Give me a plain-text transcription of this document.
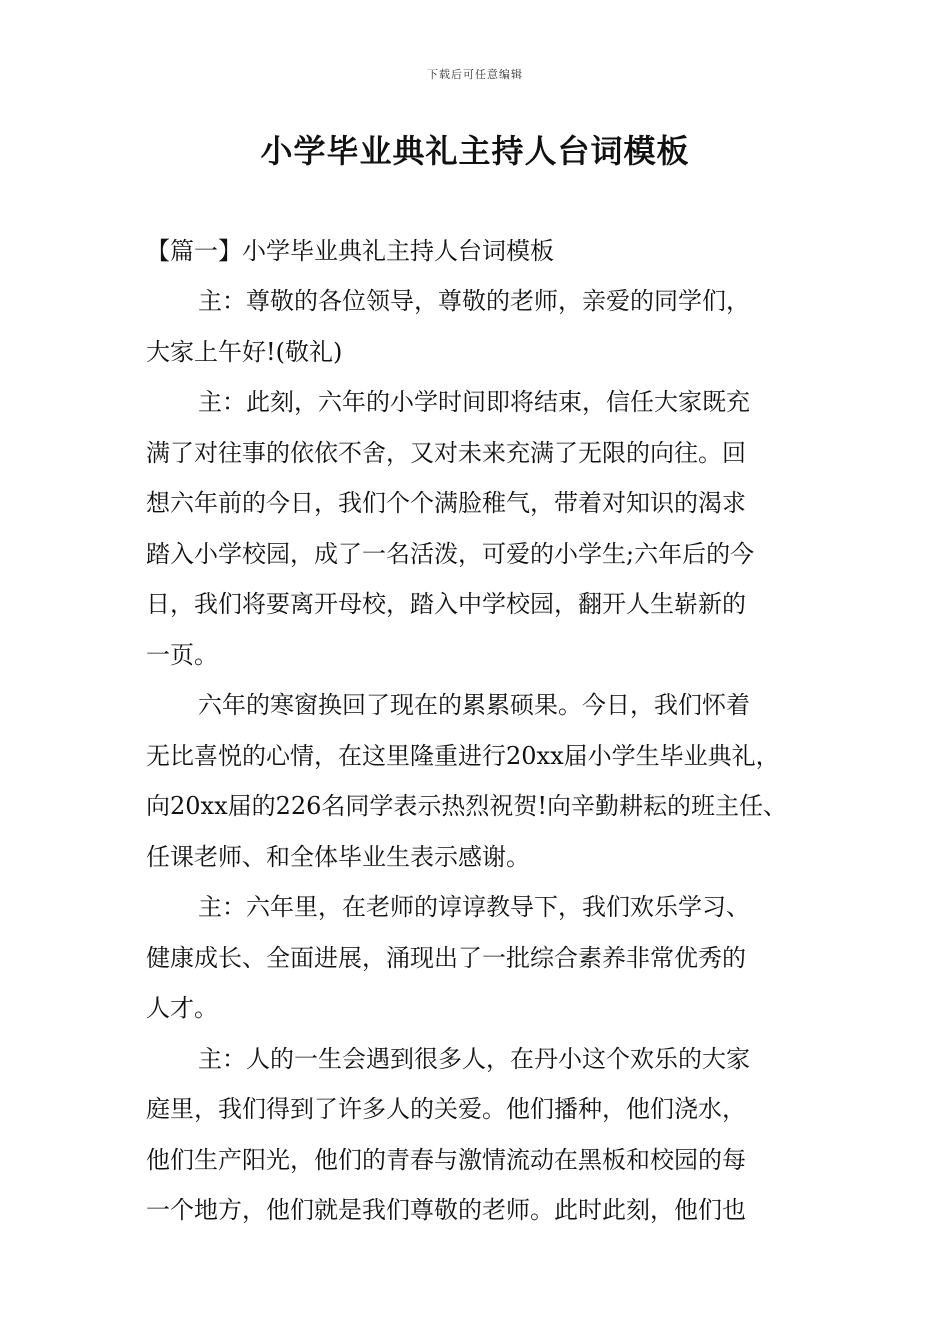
下载后可任意编辑
小学毕业典礼主持人台词模板

【篇一】小学毕业典礼主持人台词模板

主：尊敬的各位领导，尊敬的老师，亲爱的同学们，
大家上午好!(敬礼)

主：此刻，六年的小学时间即将结束，信任大家既充
满了对往事的依依不舍，又对未来充满了无限的向往。回
想六年前的今日，我们个个满脸稚气，带着对知识的渴求
踏入小学校园，成了一名活泼，可爱的小学生;六年后的今
日，我们将要离开母校，踏入中学校园，翻开人生崭新的
一页。

六年的寒窗换回了现在的累累硕果。今日，我们怀着
无比喜悦的心情，在这里隆重进行20xx届小学生毕业典礼，
向20xx届的226名同学表示热烈祝贺!向辛勤耕耘的班主任、
任课老师、和全体毕业生表示感谢。

主：六年里，在老师的谆谆教导下，我们欢乐学习、
健康成长、全面进展，涌现出了一批综合素养非常优秀的
人才。

主：人的一生会遇到很多人，在丹小这个欢乐的大家
庭里，我们得到了许多人的关爱。他们播种，他们浇水，
他们生产阳光，他们的青春与激情流动在黑板和校园的每
一个地方，他们就是我们尊敬的老师。此时此刻，他们也
